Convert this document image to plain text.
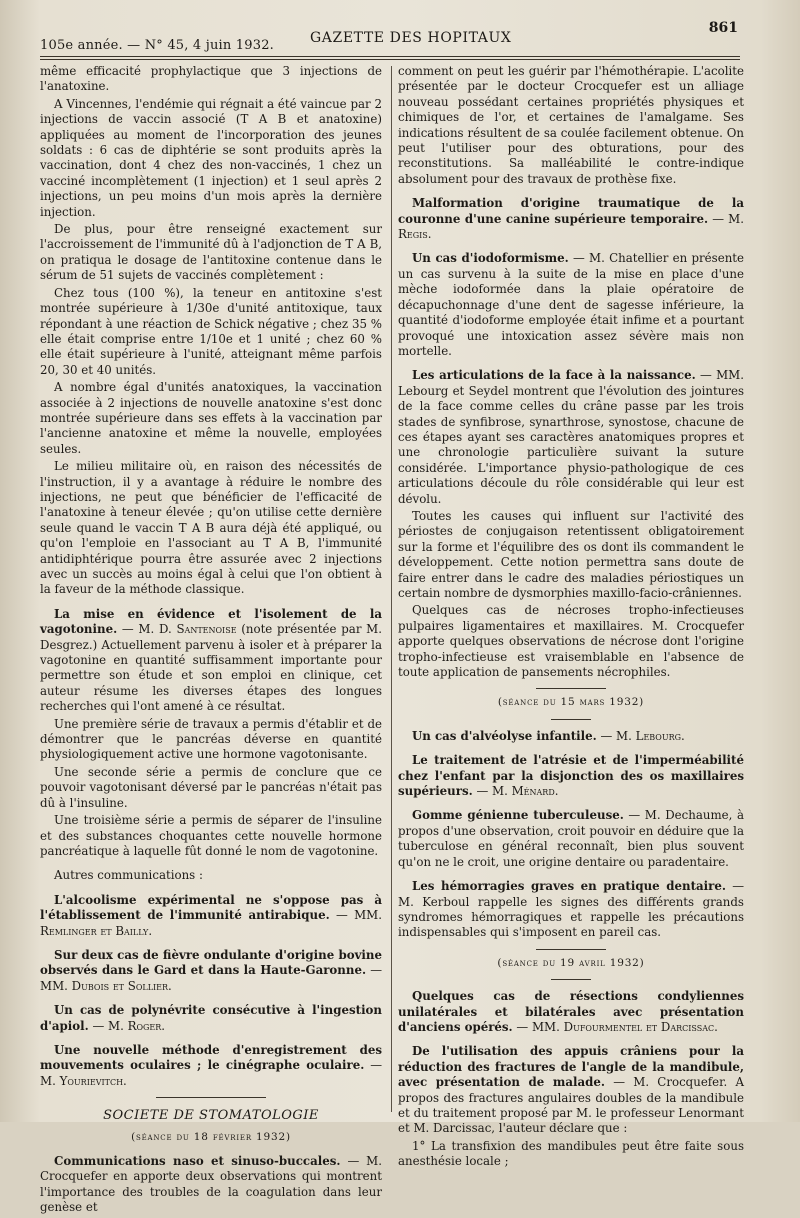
105e année. — N° 45, 4 juin 1932.	GAZETTE DES HOPITAUX
861

même efficacité prophylactique que 3 injections de l'anatoxine.

A Vincennes, l'endémie qui régnait a été vaincue par 2 injections de vaccin associé (T A B et anatoxine) appliquées au moment de l'incorporation des jeunes soldats : 6 cas de diphtérie se sont produits après la vaccination, dont 4 chez des non-vaccinés, 1 chez un vacciné incomplètement (1 injection) et 1 seul après 2 injections, un peu moins d'un mois après la dernière injection.

De plus, pour être renseigné exactement sur l'accroissement de l'immunité dû à l'adjonction de T A B, on pratiqua le dosage de l'antitoxine contenue dans le sérum de 51 sujets de vaccinés complètement :

Chez tous (100 %), la teneur en antitoxine s'est montrée supérieure à 1/30e d'unité antitoxique, taux répondant à une réaction de Schick négative ; chez 35 % elle était comprise entre 1/10e et 1 unité ; chez 60 % elle était supérieure à l'unité, atteignant même parfois 20, 30 et 40 unités.

A nombre égal d'unités anatoxiques, la vaccination associée à 2 injections de nouvelle anatoxine s'est donc montrée supérieure dans ses effets à la vaccination par l'ancienne anatoxine et même la nouvelle, employées seules.

Le milieu militaire où, en raison des nécessités de l'instruction, il y a avantage à réduire le nombre des injections, ne peut que bénéficier de l'efficacité de l'anatoxine à teneur élevée ; qu'on utilise cette dernière seule quand le vaccin T A B aura déjà été appliqué, ou qu'on l'emploie en l'associant au T A B, l'immunité antidiphtérique pourra être assurée avec 2 injections avec un succès au moins égal à celui que l'on obtient à la faveur de la méthode classique.

La mise en évidence et l'isolement de la vagotonine. — M. D. Santenoise (note présentée par M. Desgrez.) Actuellement parvenu à isoler et à préparer la vagotonine en quantité suffisamment importante pour permettre son étude et son emploi en clinique, cet auteur résume les diverses étapes des longues recherches qui l'ont amené à ce résultat.

Une première série de travaux a permis d'établir et de démontrer que le pancréas déverse en quantité physiologiquement active une hormone vagotonisante.

Une seconde série a permis de conclure que ce pouvoir vagotonisant déversé par le pancréas n'était pas dû à l'insuline.

Une troisième série a permis de séparer de l'insuline et des substances choquantes cette nouvelle hormone pancréatique à laquelle fût donné le nom de vagotonine.

Autres communications :

L'alcoolisme expérimental ne s'oppose pas à l'établissement de l'immunité antirabique. — MM. Remlinger et Bailly.

Sur deux cas de fièvre ondulante d'origine bovine observés dans le Gard et dans la Haute-Garonne. — MM. Dubois et Sollier.

Un cas de polynévrite consécutive à l'ingestion d'apiol. — M. Roger.

Une nouvelle méthode d'enregistrement des mouvements oculaires ; le cinégraphe oculaire. — M. Yourievitch.

SOCIETE DE STOMATOLOGIE

(séance du 18 février 1932)

Communications naso et sinuso-buccales. — M. Crocquefer en apporte deux observations qui montrent l'importance des troubles de la coagulation dans leur genèse et

comment on peut les guérir par l'hémothérapie. L'acolite présentée par le docteur Crocquefer est un alliage nouveau possédant certaines propriétés physiques et chimiques de l'or, et certaines de l'amalgame. Ses indications résultent de sa coulée facilement obtenue. On peut l'utiliser pour des obturations, pour des reconstitutions. Sa malléabilité le contre-indique absolument pour des travaux de prothèse fixe.

Malformation d'origine traumatique de la couronne d'une canine supérieure temporaire. — M. Regis.

Un cas d'iodoformisme. — M. Chatellier en présente un cas survenu à la suite de la mise en place d'une mèche iodoformée dans la plaie opératoire de décapuchonnage d'une dent de sagesse inférieure, la quantité d'iodoforme employée était infime et a pourtant provoqué une intoxication assez sévère mais non mortelle.

Les articulations de la face à la naissance. — MM. Lebourg et Seydel montrent que l'évolution des jointures de la face comme celles du crâne passe par les trois stades de synfibrose, synarthrose, synostose, chacune de ces étapes ayant ses caractères anatomiques propres et une chronologie particulière suivant la suture considérée. L'importance physio-pathologique de ces articulations découle du rôle considérable qui leur est dévolu.

Toutes les causes qui influent sur l'activité des périostes de conjugaison retentissent obligatoirement sur la forme et l'équilibre des os dont ils commandent le développement. Cette notion permettra sans doute de faire entrer dans le cadre des maladies périostiques un certain nombre de dysmorphies maxillo-facio-crâniennes.

Quelques cas de nécroses tropho-infectieuses pulpaires ligamentaires et maxillaires. M. Crocquefer apporte quelques observations de nécrose dont l'origine tropho-infectieuse est vraisemblable en l'absence de toute application de pansements nécrophiles.

(séance du 15 mars 1932)

Un cas d'alvéolyse infantile. — M. Lebourg.

Le traitement de l'atrésie et de l'imperméabilité chez l'enfant par la disjonction des os maxillaires supérieurs. — M. Ménard.

Gomme génienne tuberculeuse. — M. Dechaume, à propos d'une observation, croit pouvoir en déduire que la tuberculose en général reconnaît, bien plus souvent qu'on ne le croit, une origine dentaire ou paradentaire.

Les hémorragies graves en pratique dentaire. — M. Kerboul rappelle les signes des différents grands syndromes hémorragiques et rappelle les précautions indispensables qui s'imposent en pareil cas.

(séance du 19 avril 1932)

Quelques cas de résections condyliennes unilatérales et bilatérales avec présentation d'anciens opérés. — MM. Dufourmentel et Darcissac.

De l'utilisation des appuis crâniens pour la réduction des fractures de l'angle de la mandibule, avec présentation de malade. — M. Crocquefer. A propos des fractures angulaires doubles de la mandibule et du traitement proposé par M. le professeur Lenormant et M. Darcissac, l'auteur déclare que :

1° La transfixion des mandibules peut être faite sous anesthésie locale ;
